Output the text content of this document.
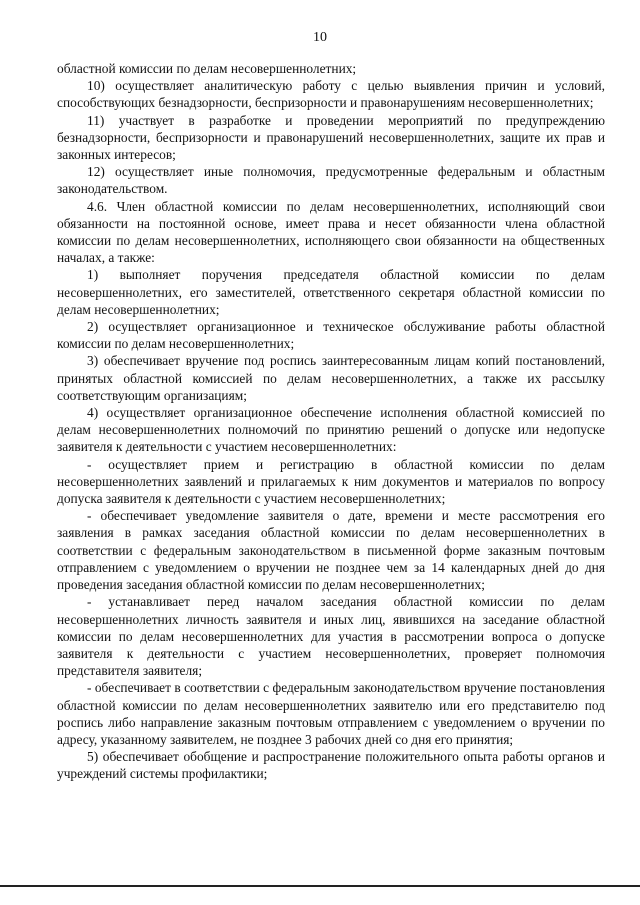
10

областной комиссии по делам несовершеннолетних;

10) осуществляет аналитическую работу с целью выявления причин и условий, способствующих безнадзорности, беспризорности и правонарушениям несовершеннолетних;

11) участвует в разработке и проведении мероприятий по предупреждению безнадзорности, беспризорности и правонарушений несовершеннолетних, защите их прав и законных интересов;

12) осуществляет иные полномочия, предусмотренные федеральным и областным законодательством.

4.6. Член областной комиссии по делам несовершеннолетних, исполняющий свои обязанности на постоянной основе, имеет права и несет обязанности члена областной комиссии по делам несовершеннолетних, исполняющего свои обязанности на общественных началах, а также:

1) выполняет поручения председателя областной комиссии по делам несовершеннолетних, его заместителей, ответственного секретаря областной комиссии по делам несовершеннолетних;

2) осуществляет организационное и техническое обслуживание работы областной комиссии по делам несовершеннолетних;

3) обеспечивает вручение под роспись заинтересованным лицам копий постановлений, принятых областной комиссией по делам несовершеннолетних, а также их рассылку соответствующим организациям;

4) осуществляет организационное обеспечение исполнения областной комиссией по делам несовершеннолетних полномочий по принятию решений о допуске или недопуске заявителя к деятельности с участием несовершеннолетних:

- осуществляет прием и регистрацию в областной комиссии по делам несовершеннолетних заявлений и прилагаемых к ним документов и материалов по вопросу допуска заявителя к деятельности с участием несовершеннолетних;

- обеспечивает уведомление заявителя о дате, времени и месте рассмотрения его заявления в рамках заседания областной комиссии по делам несовершеннолетних в соответствии с федеральным законодательством в письменной форме заказным почтовым отправлением с уведомлением о вручении не позднее чем за 14 календарных дней до дня проведения заседания областной комиссии по делам несовершеннолетних;

- устанавливает перед началом заседания областной комиссии по делам несовершеннолетних личность заявителя и иных лиц, явившихся на заседание областной комиссии по делам несовершеннолетних для участия в рассмотрении вопроса о допуске заявителя к деятельности с участием несовершеннолетних, проверяет полномочия представителя заявителя;

- обеспечивает в соответствии с федеральным законодательством вручение постановления областной комиссии по делам несовершеннолетних заявителю или его представителю под роспись либо направление заказным почтовым отправлением с уведомлением о вручении по адресу, указанному заявителем, не позднее 3 рабочих дней со дня его принятия;

5) обеспечивает обобщение и распространение положительного опыта работы органов и учреждений системы профилактики;
